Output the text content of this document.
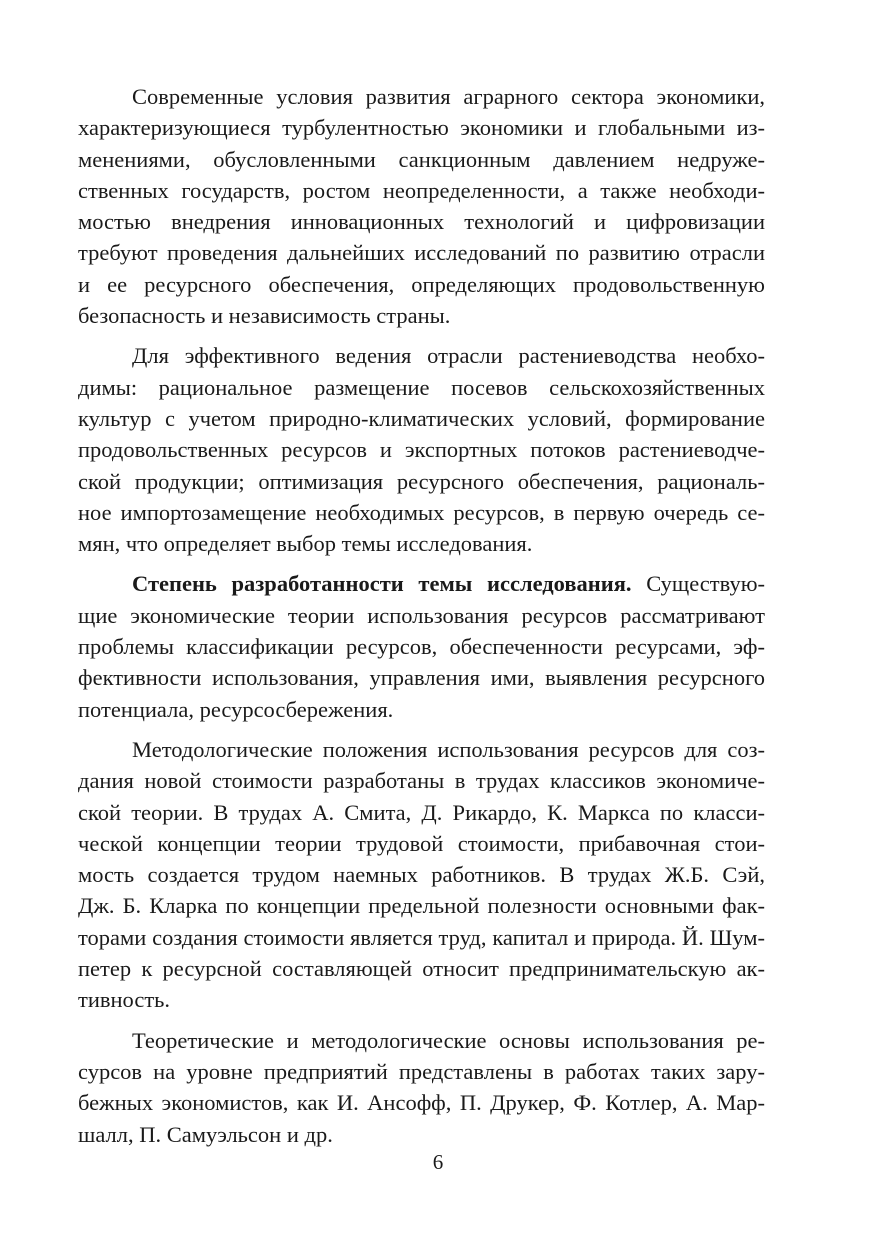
Современные условия развития аграрного сектора экономики,
характеризующиеся турбулентностью экономики и глобальными из-
менениями, обусловленными санкционным давлением недруже-
ственных государств, ростом неопределенности, а также необходи-
мостью внедрения инновационных технологий и цифровизации
требуют проведения дальнейших исследований по развитию отрасли
и ее ресурсного обеспечения, определяющих продовольственную
безопасность и независимость страны.
Для эффективного ведения отрасли растениеводства необхо-
димы: рациональное размещение посевов сельскохозяйственных
культур с учетом природно-климатических условий, формирование
продовольственных ресурсов и экспортных потоков растениеводче-
ской продукции; оптимизация ресурсного обеспечения, рациональ-
ное импортозамещение необходимых ресурсов, в первую очередь се-
мян, что определяет выбор темы исследования.
Степень разработанности темы исследования. Существую-
щие экономические теории использования ресурсов рассматривают
проблемы классификации ресурсов, обеспеченности ресурсами, эф-
фективности использования, управления ими, выявления ресурсного
потенциала, ресурсосбережения.
Методологические положения использования ресурсов для соз-
дания новой стоимости разработаны в трудах классиков экономиче-
ской теории. В трудах А. Смита, Д. Рикардо, К. Маркса по класси-
ческой концепции теории трудовой стоимости, прибавочная стои-
мость создается трудом наемных работников. В трудах Ж.Б. Сэй,
Дж. Б. Кларка по концепции предельной полезности основными фак-
торами создания стоимости является труд, капитал и природа. Й. Шум-
петер к ресурсной составляющей относит предпринимательскую ак-
тивность.
Теоретические и методологические основы использования ре-
сурсов на уровне предприятий представлены в работах таких зару-
бежных экономистов, как И. Ансофф, П. Друкер, Ф. Котлер, А. Мар-
шалл, П. Самуэльсон и др.
6
